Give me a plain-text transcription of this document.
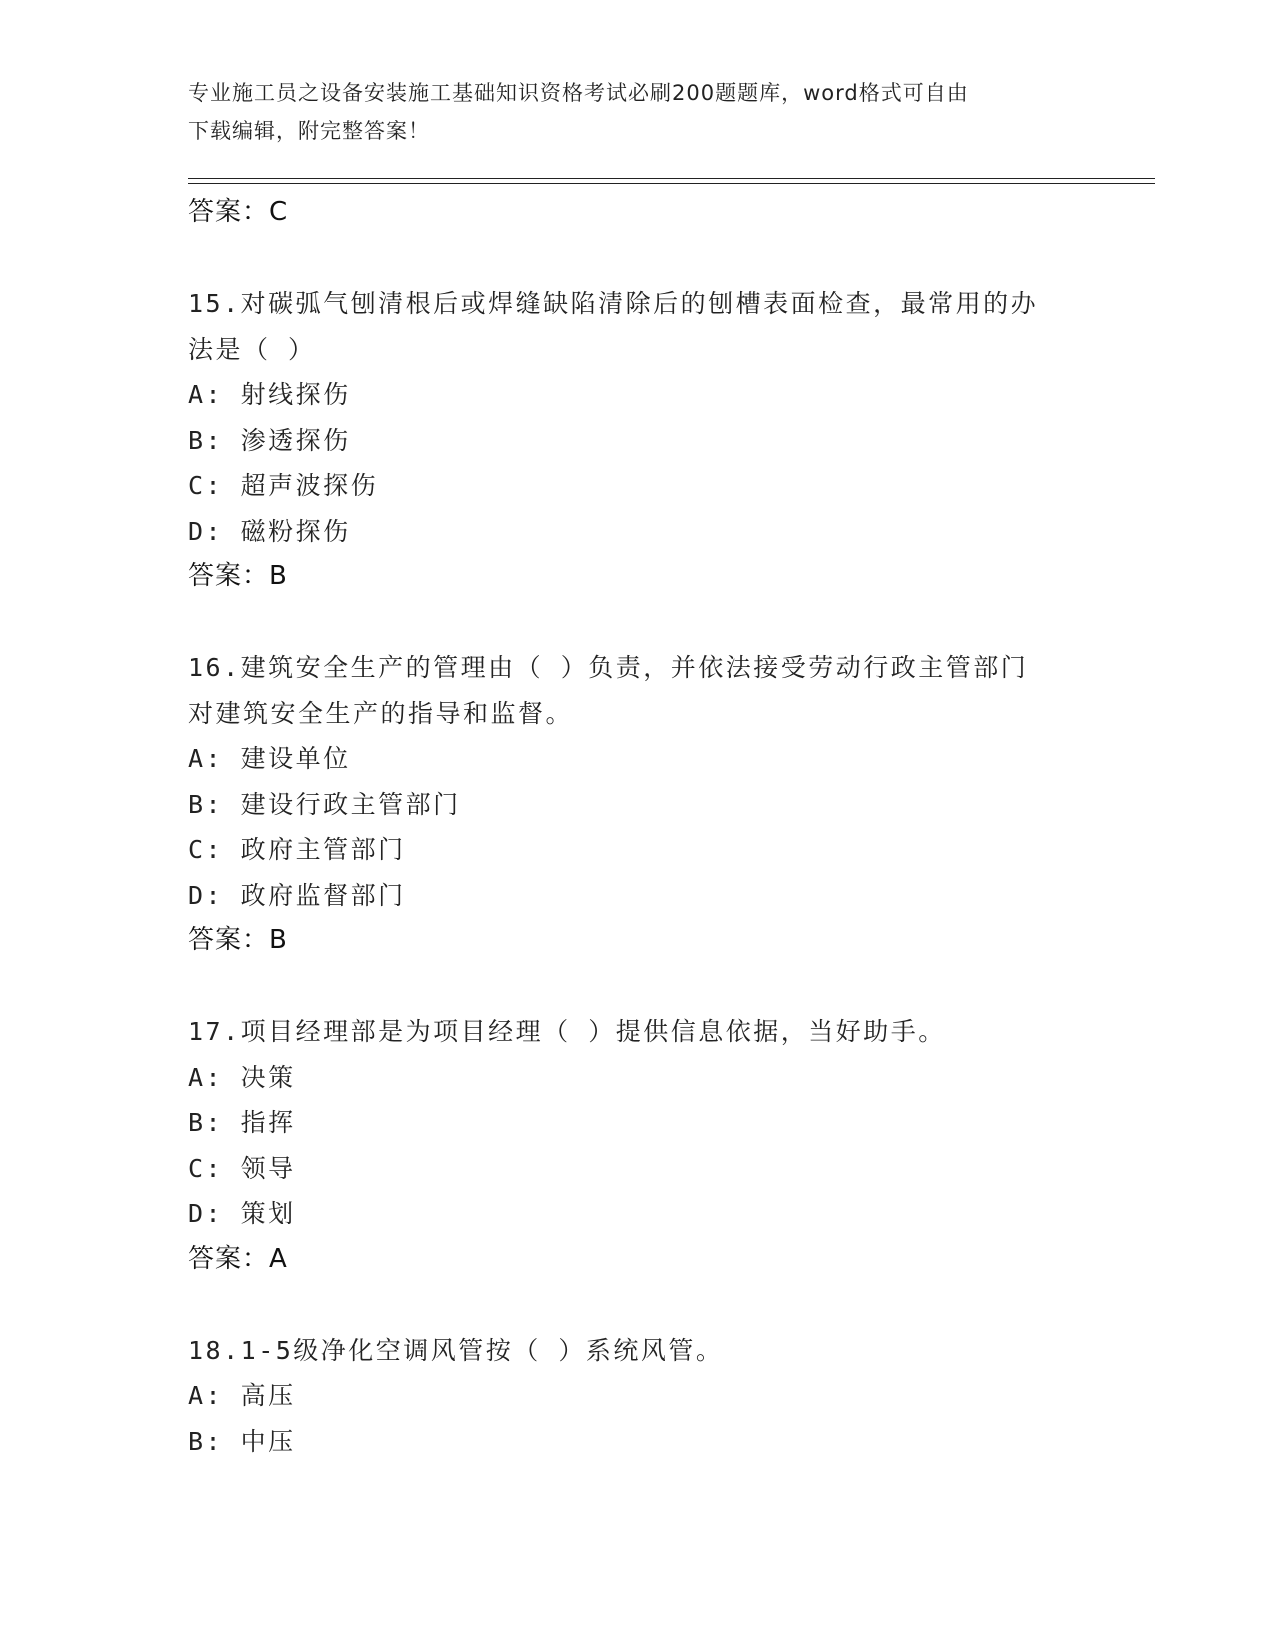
专业施工员之设备安装施工基础知识资格考试必刷200题题库，word格式可自由
下载编辑，附完整答案！
答案：C
15.对碳弧气刨清根后或焊缝缺陷清除后的刨槽表面检查，最常用的办
法是（ ）
A: 射线探伤
B: 渗透探伤
C: 超声波探伤
D: 磁粉探伤
答案：B
16.建筑安全生产的管理由（ ）负责，并依法接受劳动行政主管部门
对建筑安全生产的指导和监督。
A: 建设单位
B: 建设行政主管部门
C: 政府主管部门
D: 政府监督部门
答案：B
17.项目经理部是为项目经理（ ）提供信息依据，当好助手。
A: 决策
B: 指挥
C: 领导
D: 策划
答案：A
18.1-5级净化空调风管按（ ）系统风管。
A: 高压
B: 中压
